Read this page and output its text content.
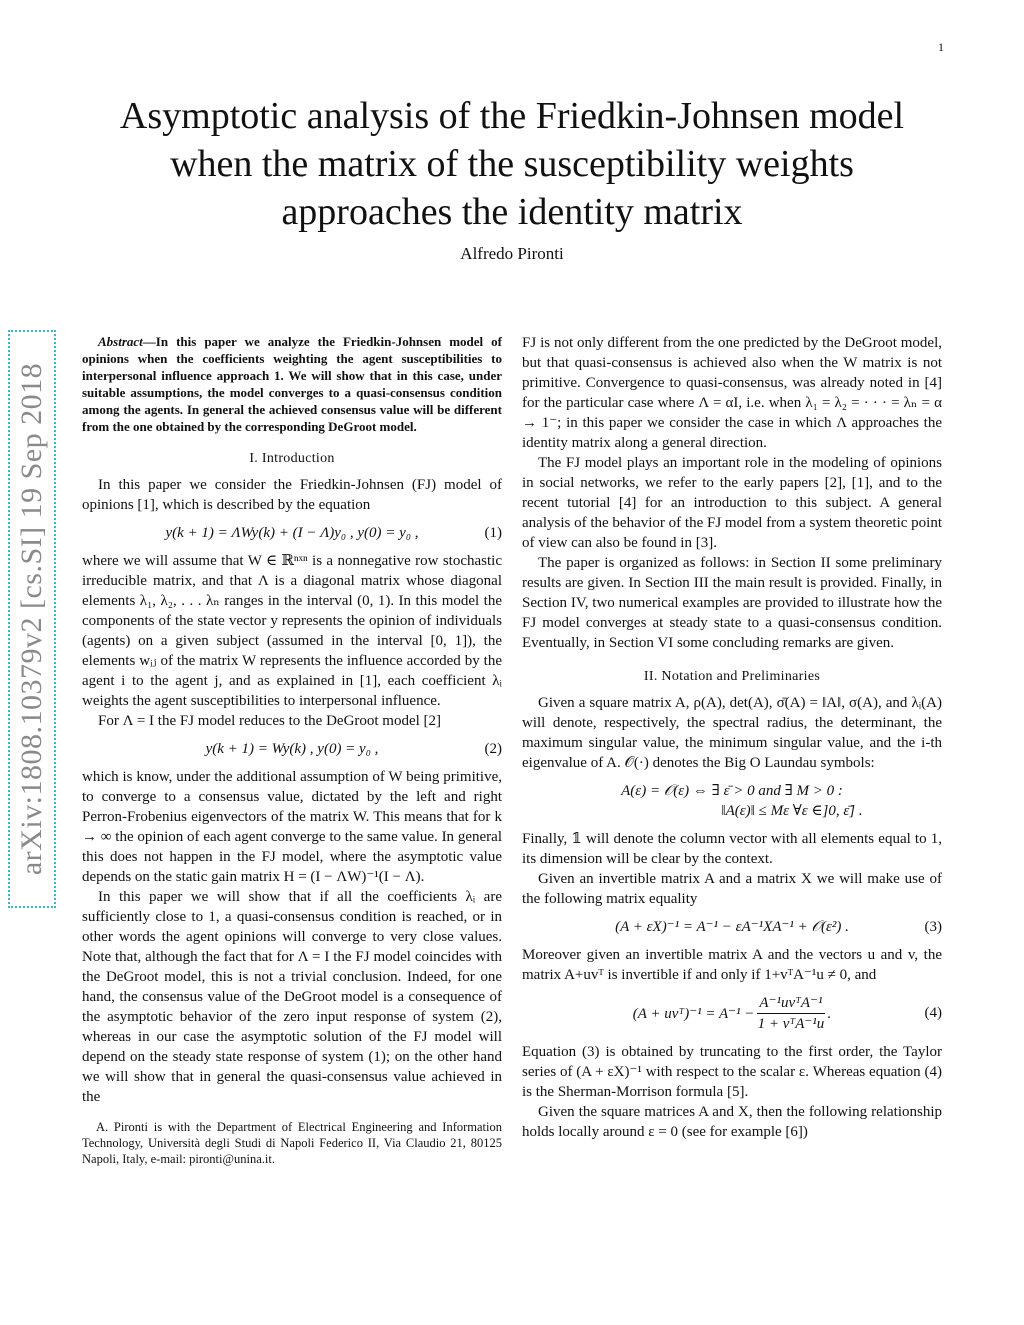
1
Asymptotic analysis of the Friedkin-Johnsen model
when the matrix of the susceptibility weights
approaches the identity matrix
Alfredo Pironti
arXiv:1808.10379v2 [cs.SI] 19 Sep 2018

Abstract—In this paper we analyze the Friedkin-Johnsen model of opinions when the coefficients weighting the agent susceptibilities to interpersonal influence approach 1. We will show that in this case, under suitable assumptions, the model converges to a quasi-consensus condition among the agents. In general the achieved consensus value will be different from the one obtained by the corresponding DeGroot model.

I. Introduction

In this paper we consider the Friedkin-Johnsen (FJ) model of opinions [1], which is described by the equation

y(k + 1) = ΛWy(k) + (I − Λ)y₀ , y(0) = y₀ ,	(1)

where we will assume that W ∈ ℝⁿˣⁿ is a nonnegative row stochastic irreducible matrix, and that Λ is a diagonal matrix whose diagonal elements λ₁, λ₂, . . . λₙ ranges in the interval (0, 1). In this model the components of the state vector y represents the opinion of individuals (agents) on a given subject (assumed in the interval [0, 1]), the elements wᵢⱼ of the matrix W represents the influence accorded by the agent i to the agent j, and as explained in [1], each coefficient λᵢ weights the agent susceptibilities to interpersonal influence.

For Λ = I the FJ model reduces to the DeGroot model [2]

y(k + 1) = Wy(k) , y(0) = y₀ ,	(2)

which is know, under the additional assumption of W being primitive, to converge to a consensus value, dictated by the left and right Perron-Frobenius eigenvectors of the matrix W. This means that for k → ∞ the opinion of each agent converge to the same value. In general this does not happen in the FJ model, where the asymptotic value depends on the static gain matrix H = (I − ΛW)⁻¹(I − Λ).

In this paper we will show that if all the coefficients λᵢ are sufficiently close to 1, a quasi-consensus condition is reached, or in other words the agent opinions will converge to very close values. Note that, although the fact that for Λ = I the FJ model coincides with the DeGroot model, this is not a trivial conclusion. Indeed, for one hand, the consensus value of the DeGroot model is a consequence of the asymptotic behavior of the zero input response of system (2), whereas in our case the asymptotic solution of the FJ model will depend on the steady state response of system (1); on the other hand we will show that in general the quasi-consensus value achieved in the

A. Pironti is with the Department of Electrical Engineering and Information Technology, Università degli Studi di Napoli Federico II, Via Claudio 21, 80125 Napoli, Italy, e-mail: pironti@unina.it.

FJ is not only different from the one predicted by the DeGroot model, but that quasi-consensus is achieved also when the W matrix is not primitive. Convergence to quasi-consensus, was already noted in [4] for the particular case where Λ = αI, i.e. when λ₁ = λ₂ = · · · = λₙ = α → 1⁻; in this paper we consider the case in which Λ approaches the identity matrix along a general direction.

The FJ model plays an important role in the modeling of opinions in social networks, we refer to the early papers [2], [1], and to the recent tutorial [4] for an introduction to this subject. A general analysis of the behavior of the FJ model from a system theoretic point of view can also be found in [3].

The paper is organized as follows: in Section II some preliminary results are given. In Section III the main result is provided. Finally, in Section IV, two numerical examples are provided to illustrate how the FJ model converges at steady state to a quasi-consensus condition. Eventually, in Section VI some concluding remarks are given.

II. Notation and Preliminaries

Given a square matrix A, ρ(A), det(A), σ̄(A) = ‖A‖, σ(A), and λᵢ(A) will denote, respectively, the spectral radius, the determinant, the maximum singular value, the minimum singular value, and the i-th eigenvalue of A. 𝒪(·) denotes the Big O Laundau symbols:

A(ε) = 𝒪(ε) ⇔ ∃ ε̄ > 0 and ∃ M > 0 :
‖A(ε)‖ ≤ Mε ∀ε ∈]0, ε̄] .

Finally, 𝟙 will denote the column vector with all elements equal to 1, its dimension will be clear by the context.

Given an invertible matrix A and a matrix X we will make use of the following matrix equality

(A + εX)⁻¹ = A⁻¹ − εA⁻¹XA⁻¹ + 𝒪(ε²) .	(3)

Moreover given an invertible matrix A and the vectors u and v, the matrix A+uvᵀ is invertible if and only if 1+vᵀA⁻¹u ≠ 0, and

(A + uvᵀ)⁻¹ = $A^{-1} - \frac{\text{A⁻¹uvᵀA⁻¹}}{\text{1 + vᵀA⁻¹u}}$ .	(4)

Equation (3) is obtained by truncating to the first order, the Taylor series of (A + εX)⁻¹ with respect to the scalar ε. Whereas equation (4) is the Sherman-Morrison formula [5].

Given the square matrices A and X, then the following relationship holds locally around ε = 0 (see for example [6])
